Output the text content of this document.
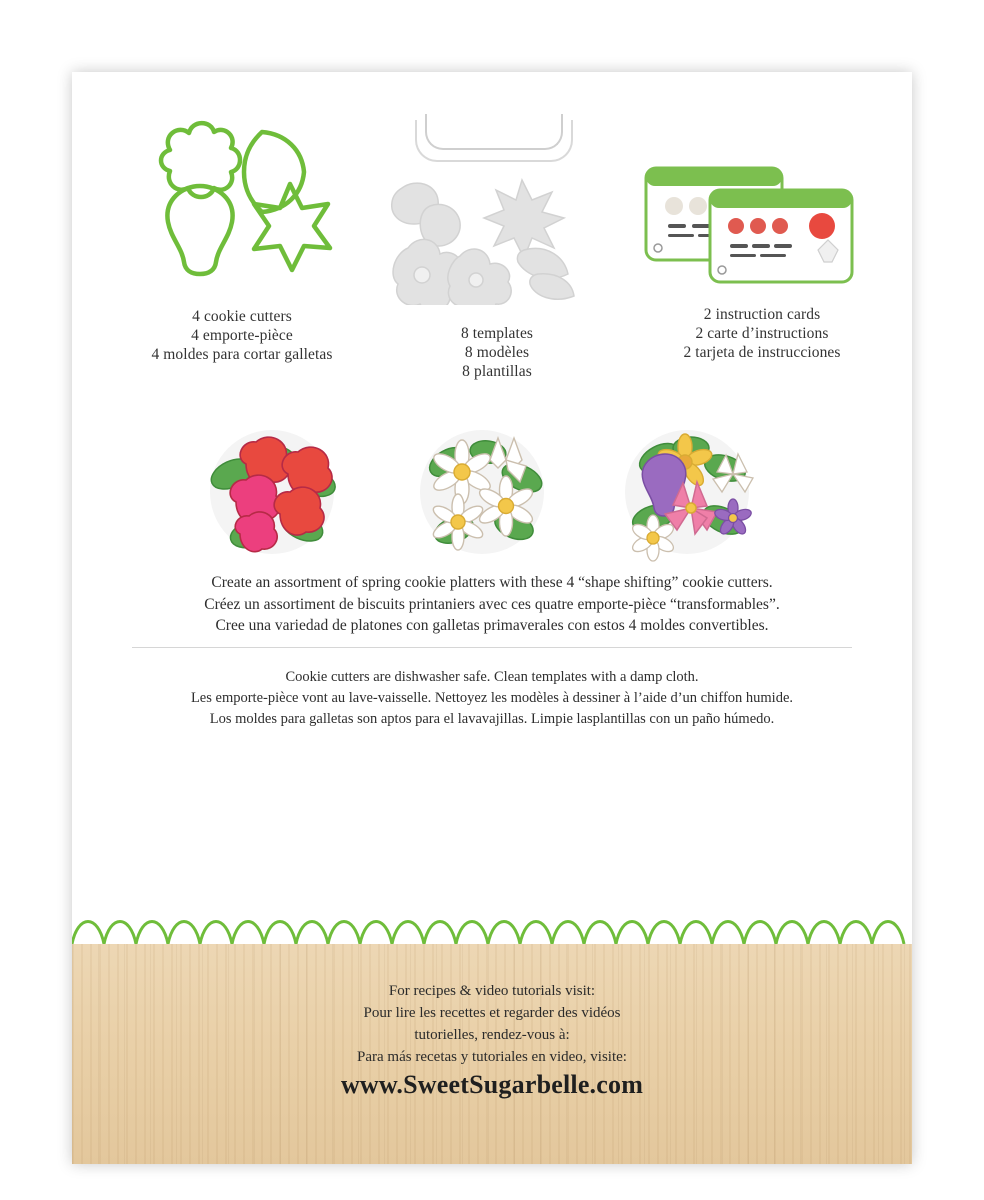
4 cookie cutters
4 emporte-pièce
4 moldes para cortar galletas
8 templates
8 modèles
8 plantillas
2 instruction cards
2 carte d’instructions
2 tarjeta de instrucciones
Create an assortment of spring cookie platters with these 4 “shape shifting” cookie cutters.
Créez un assortiment de biscuits printaniers avec ces quatre emporte-pièce “transformables”.
Cree una variedad de platones con galletas primaverales con estos 4 moldes convertibles.
Cookie cutters are dishwasher safe. Clean templates with a damp cloth.
Les emporte-pièce vont au lave-vaisselle. Nettoyez les modèles à dessiner à l’aide d’un chiffon humide.
Los moldes para galletas son aptos para el lavavajillas. Limpie lasplantillas con un paño húmedo.
For recipes & video tutorials visit:
Pour lire les recettes et regarder des vidéos
tutorielles, rendez-vous à:
Para más recetas y tutoriales en video, visite:
www.SweetSugarbelle.com
